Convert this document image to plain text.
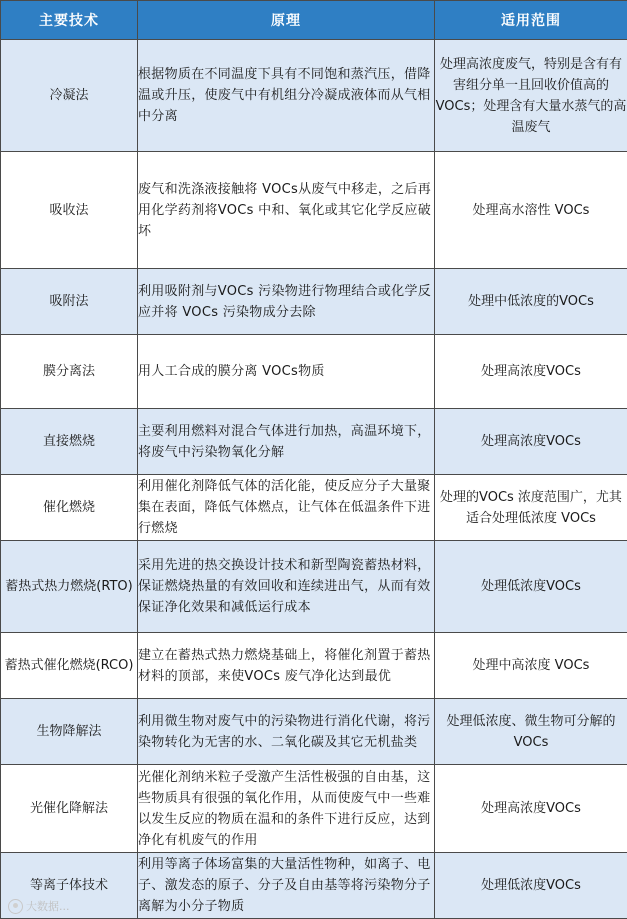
主要技术	原理	适用范围
冷凝法	根据物质在不同温度下具有不同饱和蒸汽压，借降温或升压，使废气中有机组分冷凝成液体而从气相中分离	处理高浓度废气，特别是含有有害组分单一且回收价值高的VOCs；处理含有大量水蒸气的高温废气
吸收法	废气和洗涤液接触将 VOCs从废气中移走，之后再用化学药剂将VOCs 中和、氧化或其它化学反应破坏	处理高水溶性 VOCs
吸附法	利用吸附剂与VOCs 污染物进行物理结合或化学反应并将 VOCs 污染物成分去除	处理中低浓度的VOCs
膜分离法	用人工合成的膜分离 VOCs物质	处理高浓度VOCs
直接燃烧	主要利用燃料对混合气体进行加热，高温环境下，将废气中污染物氧化分解	处理高浓度VOCs
催化燃烧	利用催化剂降低气体的活化能，使反应分子大量聚集在表面，降低气体燃点，让气体在低温条件下进行燃烧	处理的VOCs 浓度范围广，尤其适合处理低浓度 VOCs
蓄热式热力燃烧(RTO)	采用先进的热交换设计技术和新型陶瓷蓄热材料，保证燃烧热量的有效回收和连续进出气，从而有效保证净化效果和减低运行成本	处理低浓度VOCs
蓄热式催化燃烧(RCO)	建立在蓄热式热力燃烧基础上，将催化剂置于蓄热材料的顶部，来使VOCs 废气净化达到最优	处理中高浓度 VOCs
生物降解法	利用微生物对废气中的污染物进行消化代谢，将污染物转化为无害的水、二氧化碳及其它无机盐类	处理低浓度、微生物可分解的VOCs
光催化降解法	光催化剂纳米粒子受激产生活性极强的自由基，这些物质具有很强的氧化作用，从而使废气中一些难以发生反应的物质在温和的条件下进行反应，达到净化有机废气的作用	处理高浓度VOCs
等离子体技术	利用等离子体场富集的大量活性物种，如离子、电子、激发态的原子、分子及自由基等将污染物分子离解为小分子物质	处理低浓度VOCs
大数据...
